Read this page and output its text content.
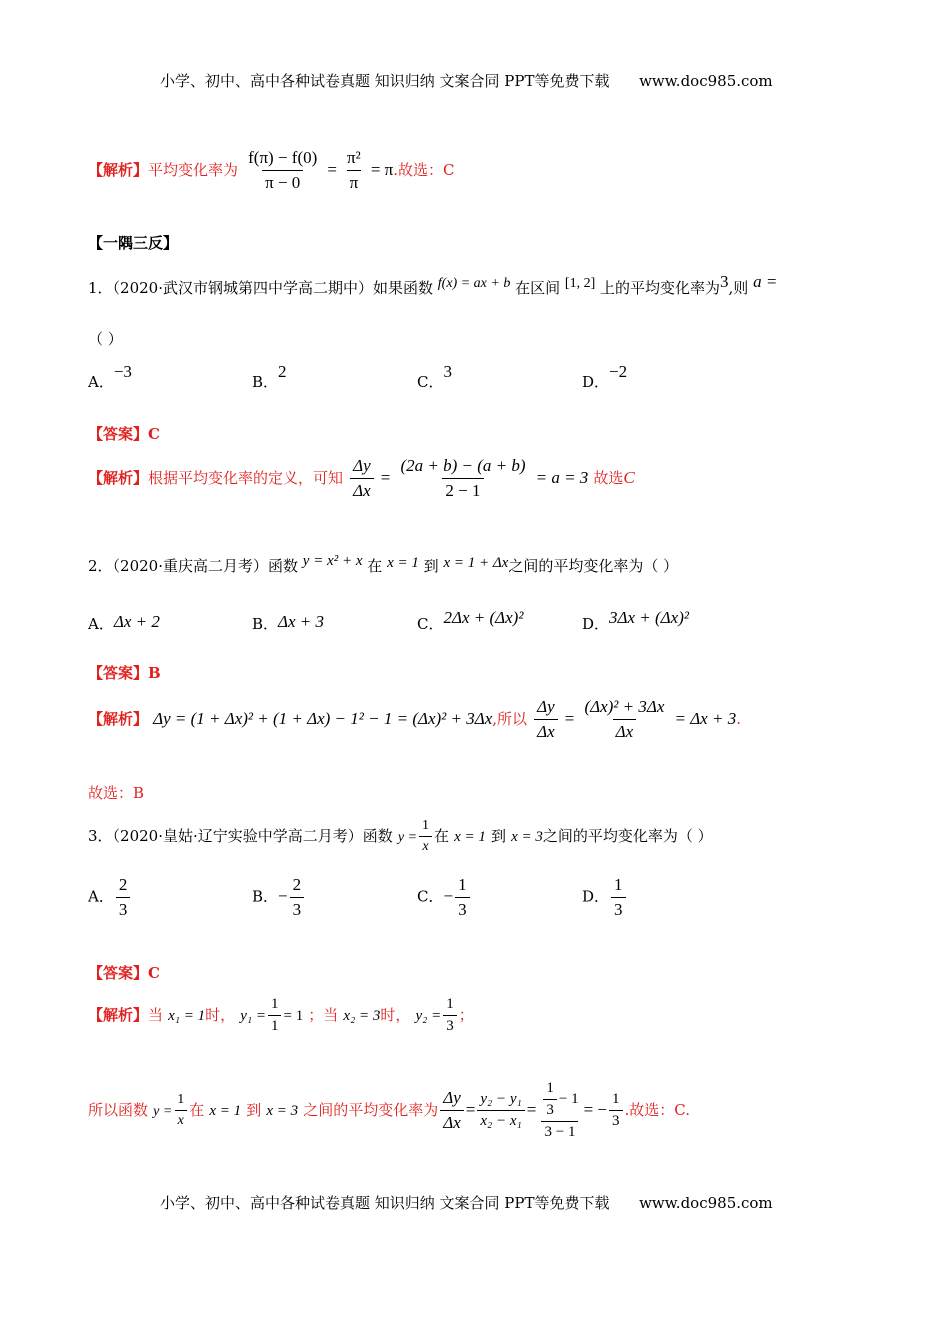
小学、初中、高中各种试卷真题 知识归纳 文案合同 PPT等免费下载 www.doc985.com
【解析】平均变化率为 $\frac{f(\pi) - f(0)}{\pi - 0} = \frac{\text{π²}}{\pi} = \pi$.故选：C
【一隅三反】
1．（2020·武汉市钢城第四中学高二期中）如果函数 f(x) = ax + b 在区间 [1, 2] 上的平均变化率为3,则 a =
（ ）
A．−3
B．2
C．3
D．−2
【答案】C
【解析】根据平均变化率的定义，可知 $\frac{\Delta y}{\Delta x} = \frac{(2a + b) - (a + b)}{2 - 1} = a = 3$ 故选C
2．（2020·重庆高二月考）函数 y = x² + x 在 x = 1 到 x = 1 + Δx之间的平均变化率为（ ）
A．Δx + 2	B．Δx + 3	C．2Δx + (Δx)²	D．3Δx + (Δx)²
【答案】B
【解析】 Δy = (1 + Δx)² + (1 + Δx) − 1² − 1 = (Δx)² + 3Δx,所以 $\frac{\Delta y}{\Delta x} = \frac{\text{(Δx)² + 3Δx}}{\Delta x} = \Delta x + 3$.
故选：B
3．（2020·皇姑·辽宁实验中学高二月考）函数 $y = \frac{1}{x}$ 在 x = 1 到 x = 3之间的平均变化率为（ ）
A． $\frac{2}{3}$	B．− $\frac{2}{3}$	C．− $\frac{1}{3}$	D． $\frac{1}{3}$
【答案】C
【解析】当 x₁ = 1时， $y_1 = \frac{1}{1} = 1$ ；当 x₂ = 3时， $y_2 = \frac{1}{3}$ ；
所以函数 $y = \frac{1}{x}$ 在 x = 1 到 x = 3 之间的平均变化率为 $\frac{\Delta y}{\Delta x} = \frac{\text{y₂ − y₁}}{\text{x₂ − x₁}} = \frac{\frac{1}{3} - 1}{3 - 1}$ = − $\frac{1}{3}$ .故选：C.
小学、初中、高中各种试卷真题 知识归纳 文案合同 PPT等免费下载 www.doc985.com
